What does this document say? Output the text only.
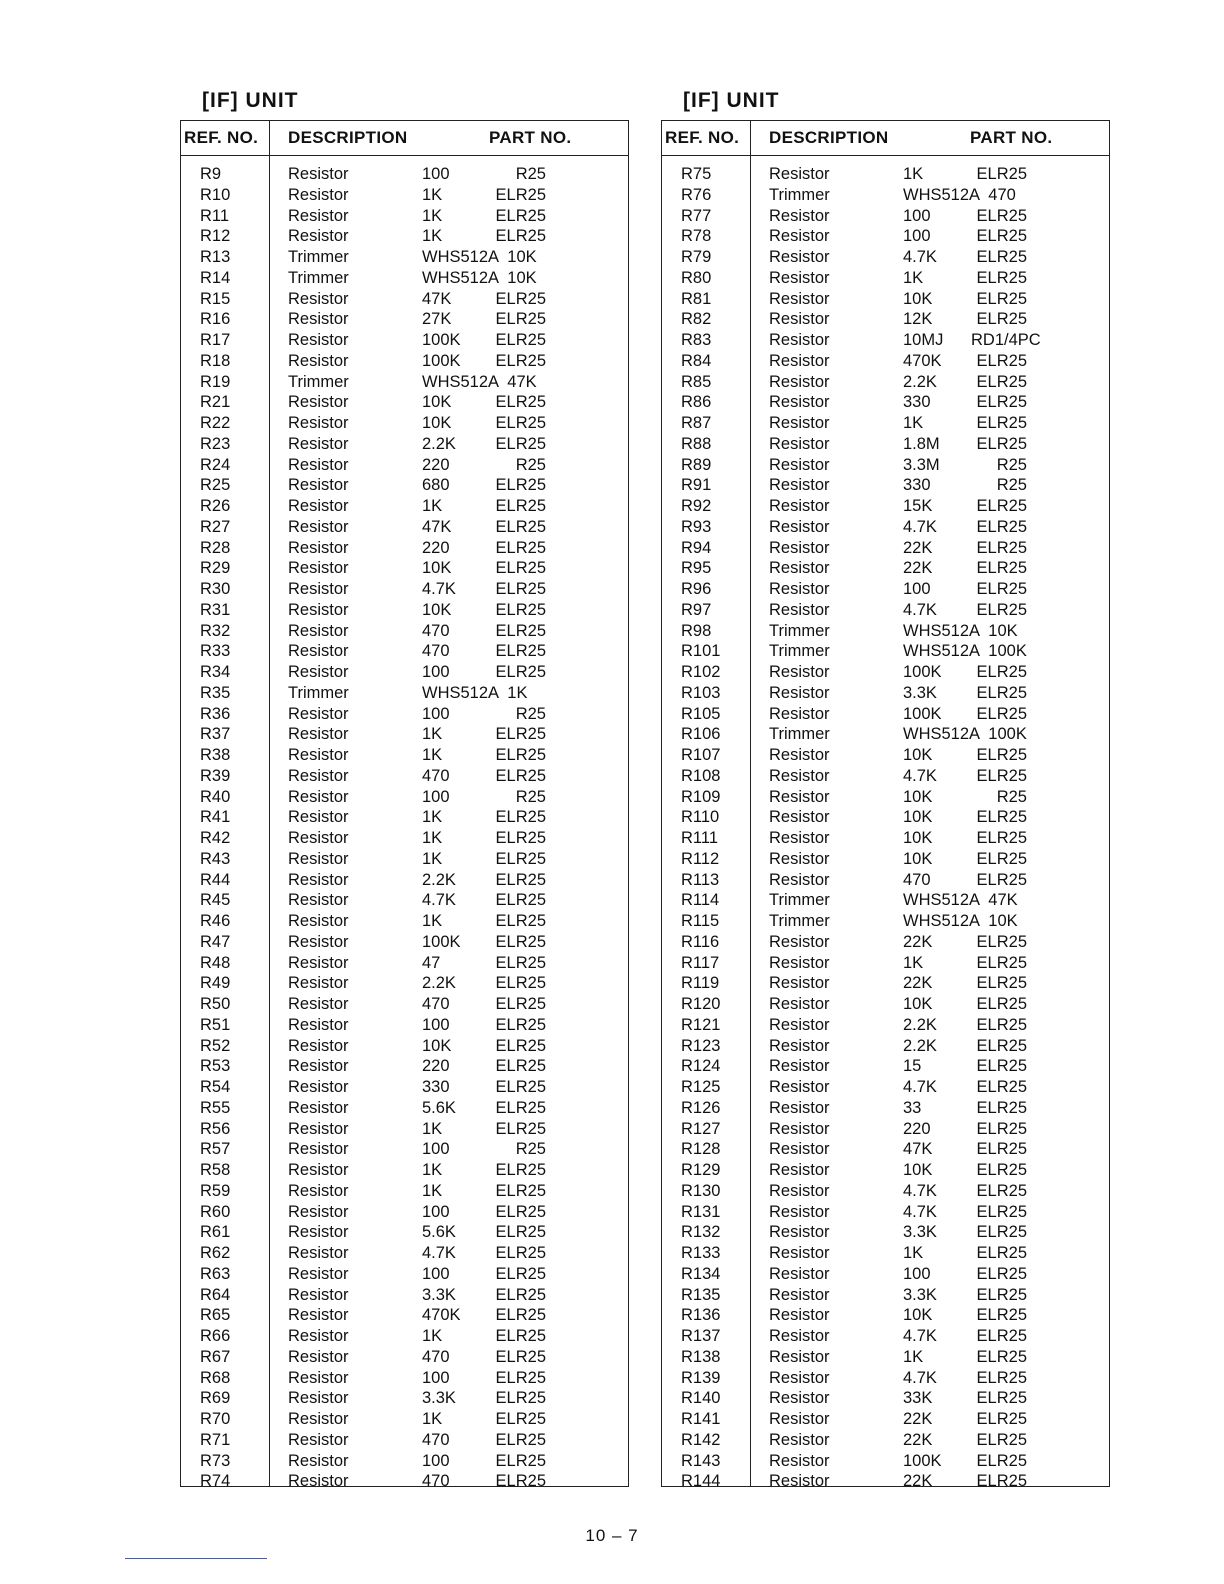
[IF] UNIT
REF. NO. DESCRIPTION	PART NO.
R9	Resistor	100	R25
R10	Resistor	1K	ELR25
R11	Resistor	1K	ELR25
R12	Resistor	1K	ELR25
R13	Trimmer	WHS512A  10K
R14	Trimmer	WHS512A  10K
R15	Resistor	47K	ELR25
R16	Resistor	27K	ELR25
R17	Resistor	100K	ELR25
R18	Resistor	100K	ELR25
R19	Trimmer	WHS512A  47K
R21	Resistor	10K	ELR25
R22	Resistor	10K	ELR25
R23	Resistor	2.2K	ELR25
R24	Resistor	220	R25
R25	Resistor	680	ELR25
R26	Resistor	1K	ELR25
R27	Resistor	47K	ELR25
R28	Resistor	220	ELR25
R29	Resistor	10K	ELR25
R30	Resistor	4.7K	ELR25
R31	Resistor	10K	ELR25
R32	Resistor	470	ELR25
R33	Resistor	470	ELR25
R34	Resistor	100	ELR25
R35	Trimmer	WHS512A  1K
R36	Resistor	100	R25
R37	Resistor	1K	ELR25
R38	Resistor	1K	ELR25
R39	Resistor	470	ELR25
R40	Resistor	100	R25
R41	Resistor	1K	ELR25
R42	Resistor	1K	ELR25
R43	Resistor	1K	ELR25
R44	Resistor	2.2K	ELR25
R45	Resistor	4.7K	ELR25
R46	Resistor	1K	ELR25
R47	Resistor	100K	ELR25
R48	Resistor	47	ELR25
R49	Resistor	2.2K	ELR25
R50	Resistor	470	ELR25
R51	Resistor	100	ELR25
R52	Resistor	10K	ELR25
R53	Resistor	220	ELR25
R54	Resistor	330	ELR25
R55	Resistor	5.6K	ELR25
R56	Resistor	1K	ELR25
R57	Resistor	100	R25
R58	Resistor	1K	ELR25
R59	Resistor	1K	ELR25
R60	Resistor	100	ELR25
R61	Resistor	5.6K	ELR25
R62	Resistor	4.7K	ELR25
R63	Resistor	100	ELR25
R64	Resistor	3.3K	ELR25
R65	Resistor	470K	ELR25
R66	Resistor	1K	ELR25
R67	Resistor	470	ELR25
R68	Resistor	100	ELR25
R69	Resistor	3.3K	ELR25
R70	Resistor	1K	ELR25
R71	Resistor	470	ELR25
R73	Resistor	100	ELR25
R74	Resistor	470	ELR25
[IF] UNIT
REF. NO. DESCRIPTION	PART NO.
R75	Resistor	1K	ELR25
R76	Trimmer	WHS512A  470
R77	Resistor	100	ELR25
R78	Resistor	100	ELR25
R79	Resistor	4.7K	ELR25
R80	Resistor	1K	ELR25
R81	Resistor	10K	ELR25
R82	Resistor	12K	ELR25
R83	Resistor	10MJ RD1/4PC
R84	Resistor	470K	ELR25
R85	Resistor	2.2K	ELR25
R86	Resistor	330	ELR25
R87	Resistor	1K	ELR25
R88	Resistor	1.8M	ELR25
R89	Resistor	3.3M	R25
R91	Resistor	330	R25
R92	Resistor	15K	ELR25
R93	Resistor	4.7K	ELR25
R94	Resistor	22K	ELR25
R95	Resistor	22K	ELR25
R96	Resistor	100	ELR25
R97	Resistor	4.7K	ELR25
R98	Trimmer	WHS512A  10K
R101	Trimmer	WHS512A  100K
R102	Resistor	100K	ELR25
R103	Resistor	3.3K	ELR25
R105	Resistor	100K	ELR25
R106	Trimmer	WHS512A  100K
R107	Resistor	10K	ELR25
R108	Resistor	4.7K	ELR25
R109	Resistor	10K	R25
R110	Resistor	10K	ELR25
R111	Resistor	10K	ELR25
R112	Resistor	10K	ELR25
R113	Resistor	470	ELR25
R114	Trimmer	WHS512A  47K
R115	Trimmer	WHS512A  10K
R116	Resistor	22K	ELR25
R117	Resistor	1K	ELR25
R119	Resistor	22K	ELR25
R120	Resistor	10K	ELR25
R121	Resistor	2.2K	ELR25
R123	Resistor	2.2K	ELR25
R124	Resistor	15	ELR25
R125	Resistor	4.7K	ELR25
R126	Resistor	33	ELR25
R127	Resistor	220	ELR25
R128	Resistor	47K	ELR25
R129	Resistor	10K	ELR25
R130	Resistor	4.7K	ELR25
R131	Resistor	4.7K	ELR25
R132	Resistor	3.3K	ELR25
R133	Resistor	1K	ELR25
R134	Resistor	100	ELR25
R135	Resistor	3.3K	ELR25
R136	Resistor	10K	ELR25
R137	Resistor	4.7K	ELR25
R138	Resistor	1K	ELR25
R139	Resistor	4.7K	ELR25
R140	Resistor	33K	ELR25
R141	Resistor	22K	ELR25
R142	Resistor	22K	ELR25
R143	Resistor	100K	ELR25
R144	Resistor	22K	ELR25
10 – 7
